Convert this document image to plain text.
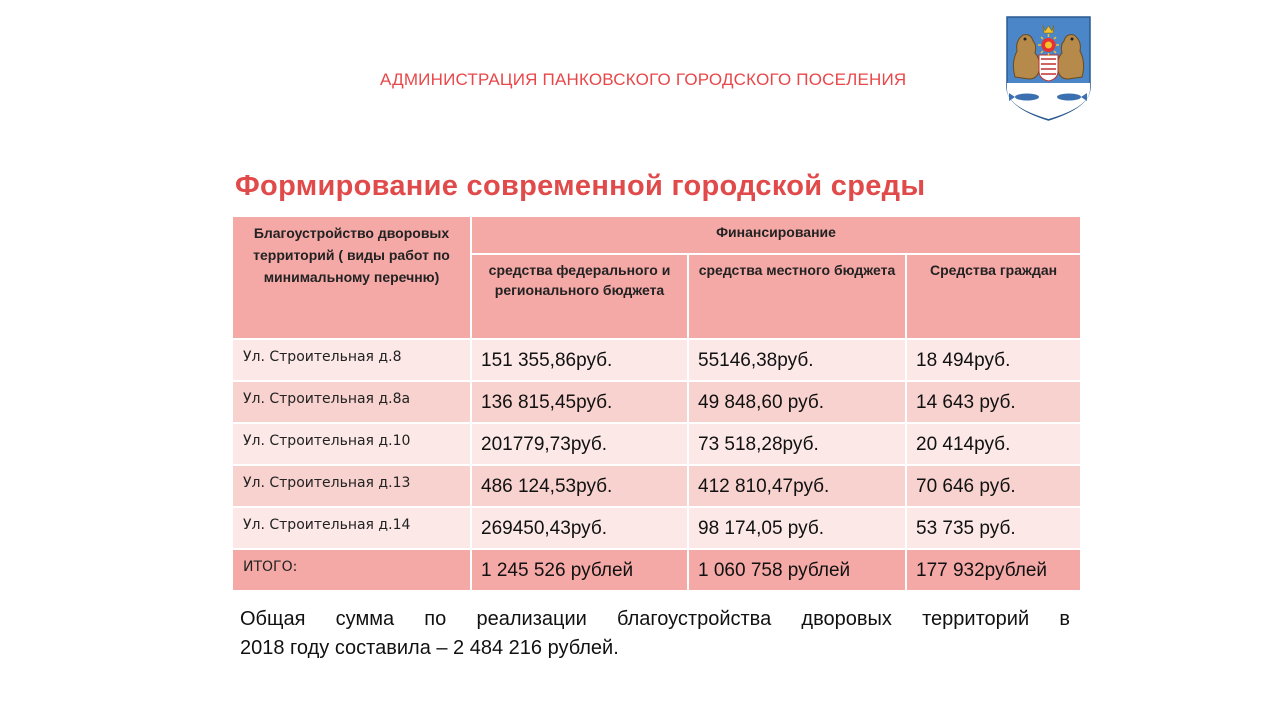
АДМИНИСТРАЦИЯ ПАНКОВСКОГО ГОРОДСКОГО ПОСЕЛЕНИЯ
Формирование современной городской среды
Благоустройство дворовых территорий ( виды работ по минимальному перечню)	Финансирование		
	средства федерального и регионального бюджета	средства местного бюджета	Средства граждан
Ул. Строительная д.8	151 355,86руб.	55146,38руб.	18 494руб.
Ул. Строительная д.8а	136 815,45руб.	49 848,60 руб.	14 643 руб.
Ул. Строительная д.10	201779,73руб.	73 518,28руб.	20 414руб.
Ул. Строительная д.13	486 124,53руб.	412 810,47руб.	70 646 руб.
Ул. Строительная д.14	269450,43руб.	98 174,05 руб.	53 735 руб.
ИТОГО:	1 245 526 рублей	1 060 758 рублей	177 932рублей
Общая сумма по реализации благоустройства дворовых территорий в
2018 году составила – 2 484 216 рублей.
